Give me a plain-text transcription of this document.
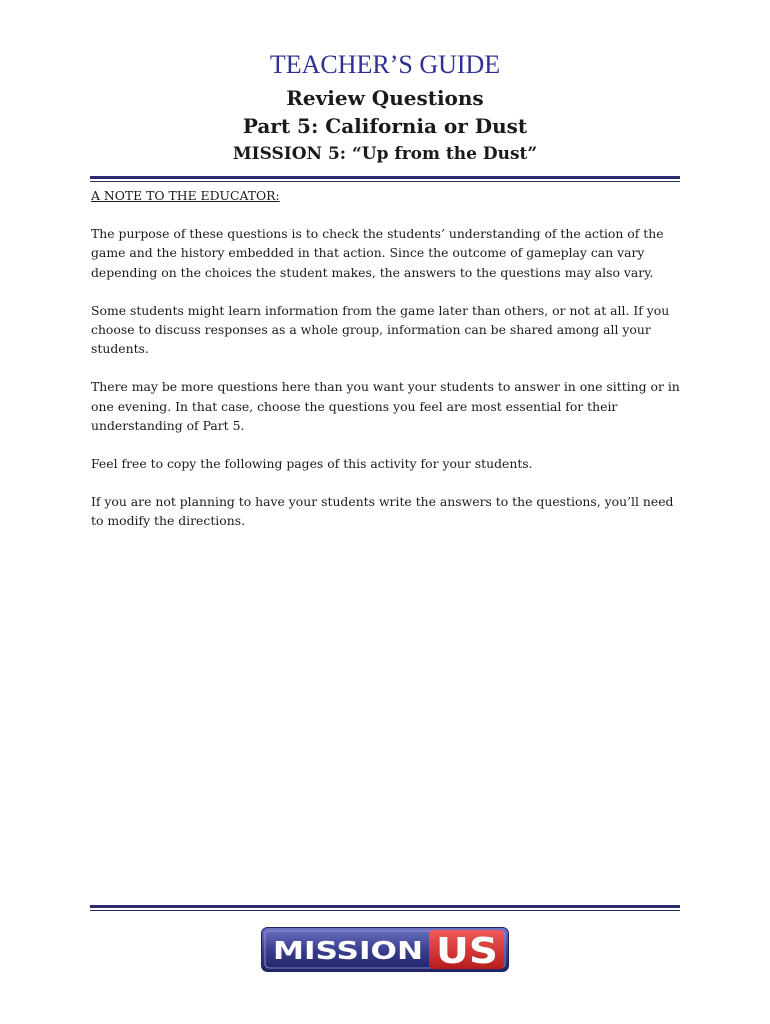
TEACHER’S GUIDE
Review Questions
Part 5: California or Dust
MISSION 5: “Up from the Dust”

A NOTE TO THE EDUCATOR:

The purpose of these questions is to check the students’ understanding of the action of the game and the history embedded in that action. Since the outcome of gameplay can vary depending on the choices the student makes, the answers to the questions may also vary.

Some students might learn information from the game later than others, or not at all. If you choose to discuss responses as a whole group, information can be shared among all your students.

There may be more questions here than you want your students to answer in one sitting or in one evening. In that case, choose the questions you feel are most essential for their understanding of Part 5.

Feel free to copy the following pages of this activity for your students.

If you are not planning to have your students write the answers to the questions, you’ll need to modify the directions.

MISSION US
